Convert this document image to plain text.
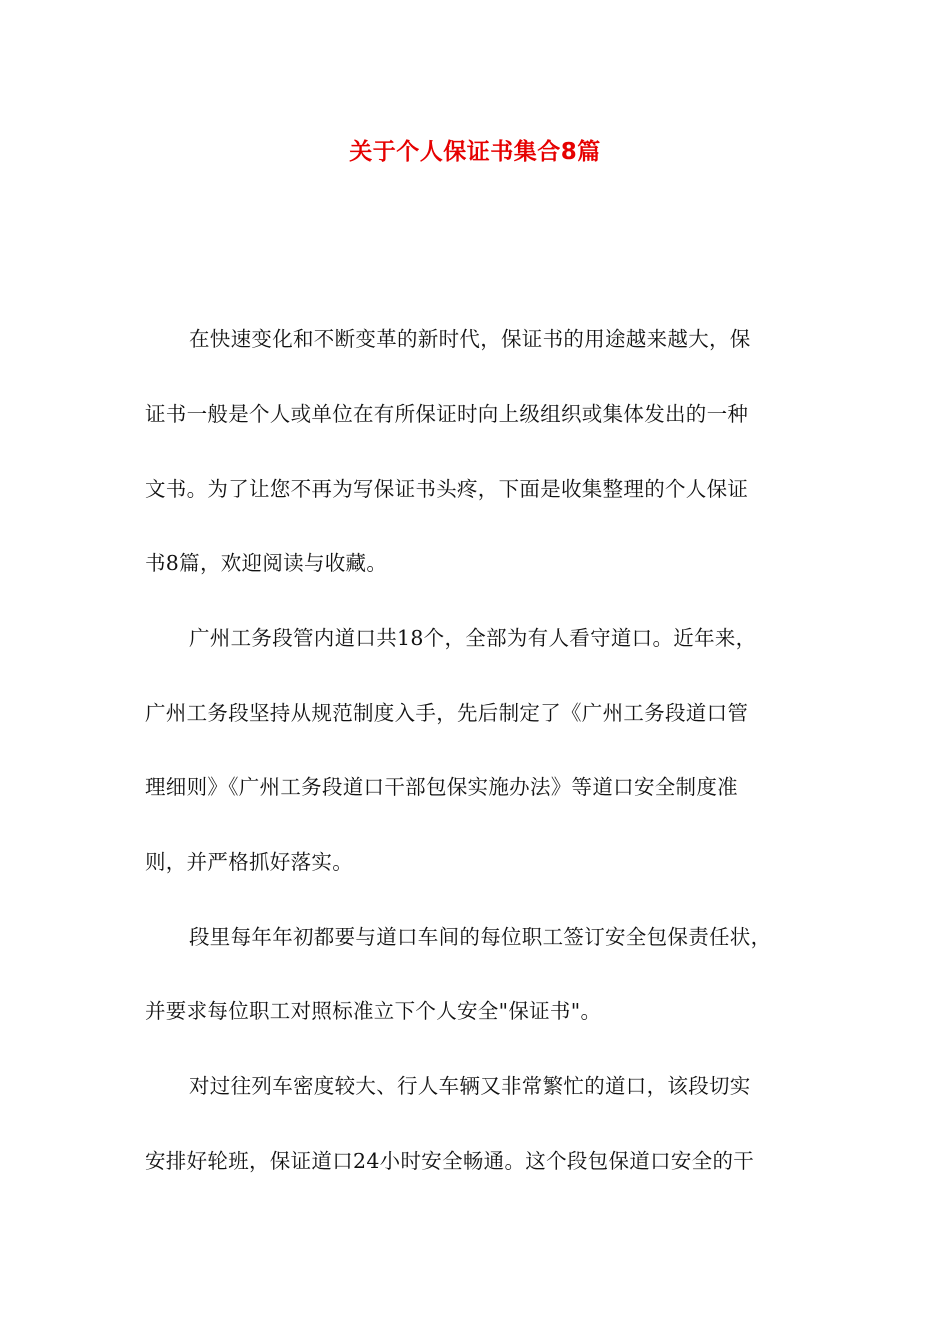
关于个人保证书集合8篇
在快速变化和不断变革的新时代，保证书的用途越来越大，保
证书一般是个人或单位在有所保证时向上级组织或集体发出的一种
文书。为了让您不再为写保证书头疼，下面是收集整理的个人保证
书8篇，欢迎阅读与收藏。
广州工务段管内道口共18个，全部为有人看守道口。近年来，
广州工务段坚持从规范制度入手，先后制定了《广州工务段道口管
理细则》《广州工务段道口干部包保实施办法》等道口安全制度准
则，并严格抓好落实。
段里每年年初都要与道口车间的每位职工签订安全包保责任状，
并要求每位职工对照标准立下个人安全"保证书"。
对过往列车密度较大、行人车辆又非常繁忙的道口，该段切实
安排好轮班，保证道口24小时安全畅通。这个段包保道口安全的干
